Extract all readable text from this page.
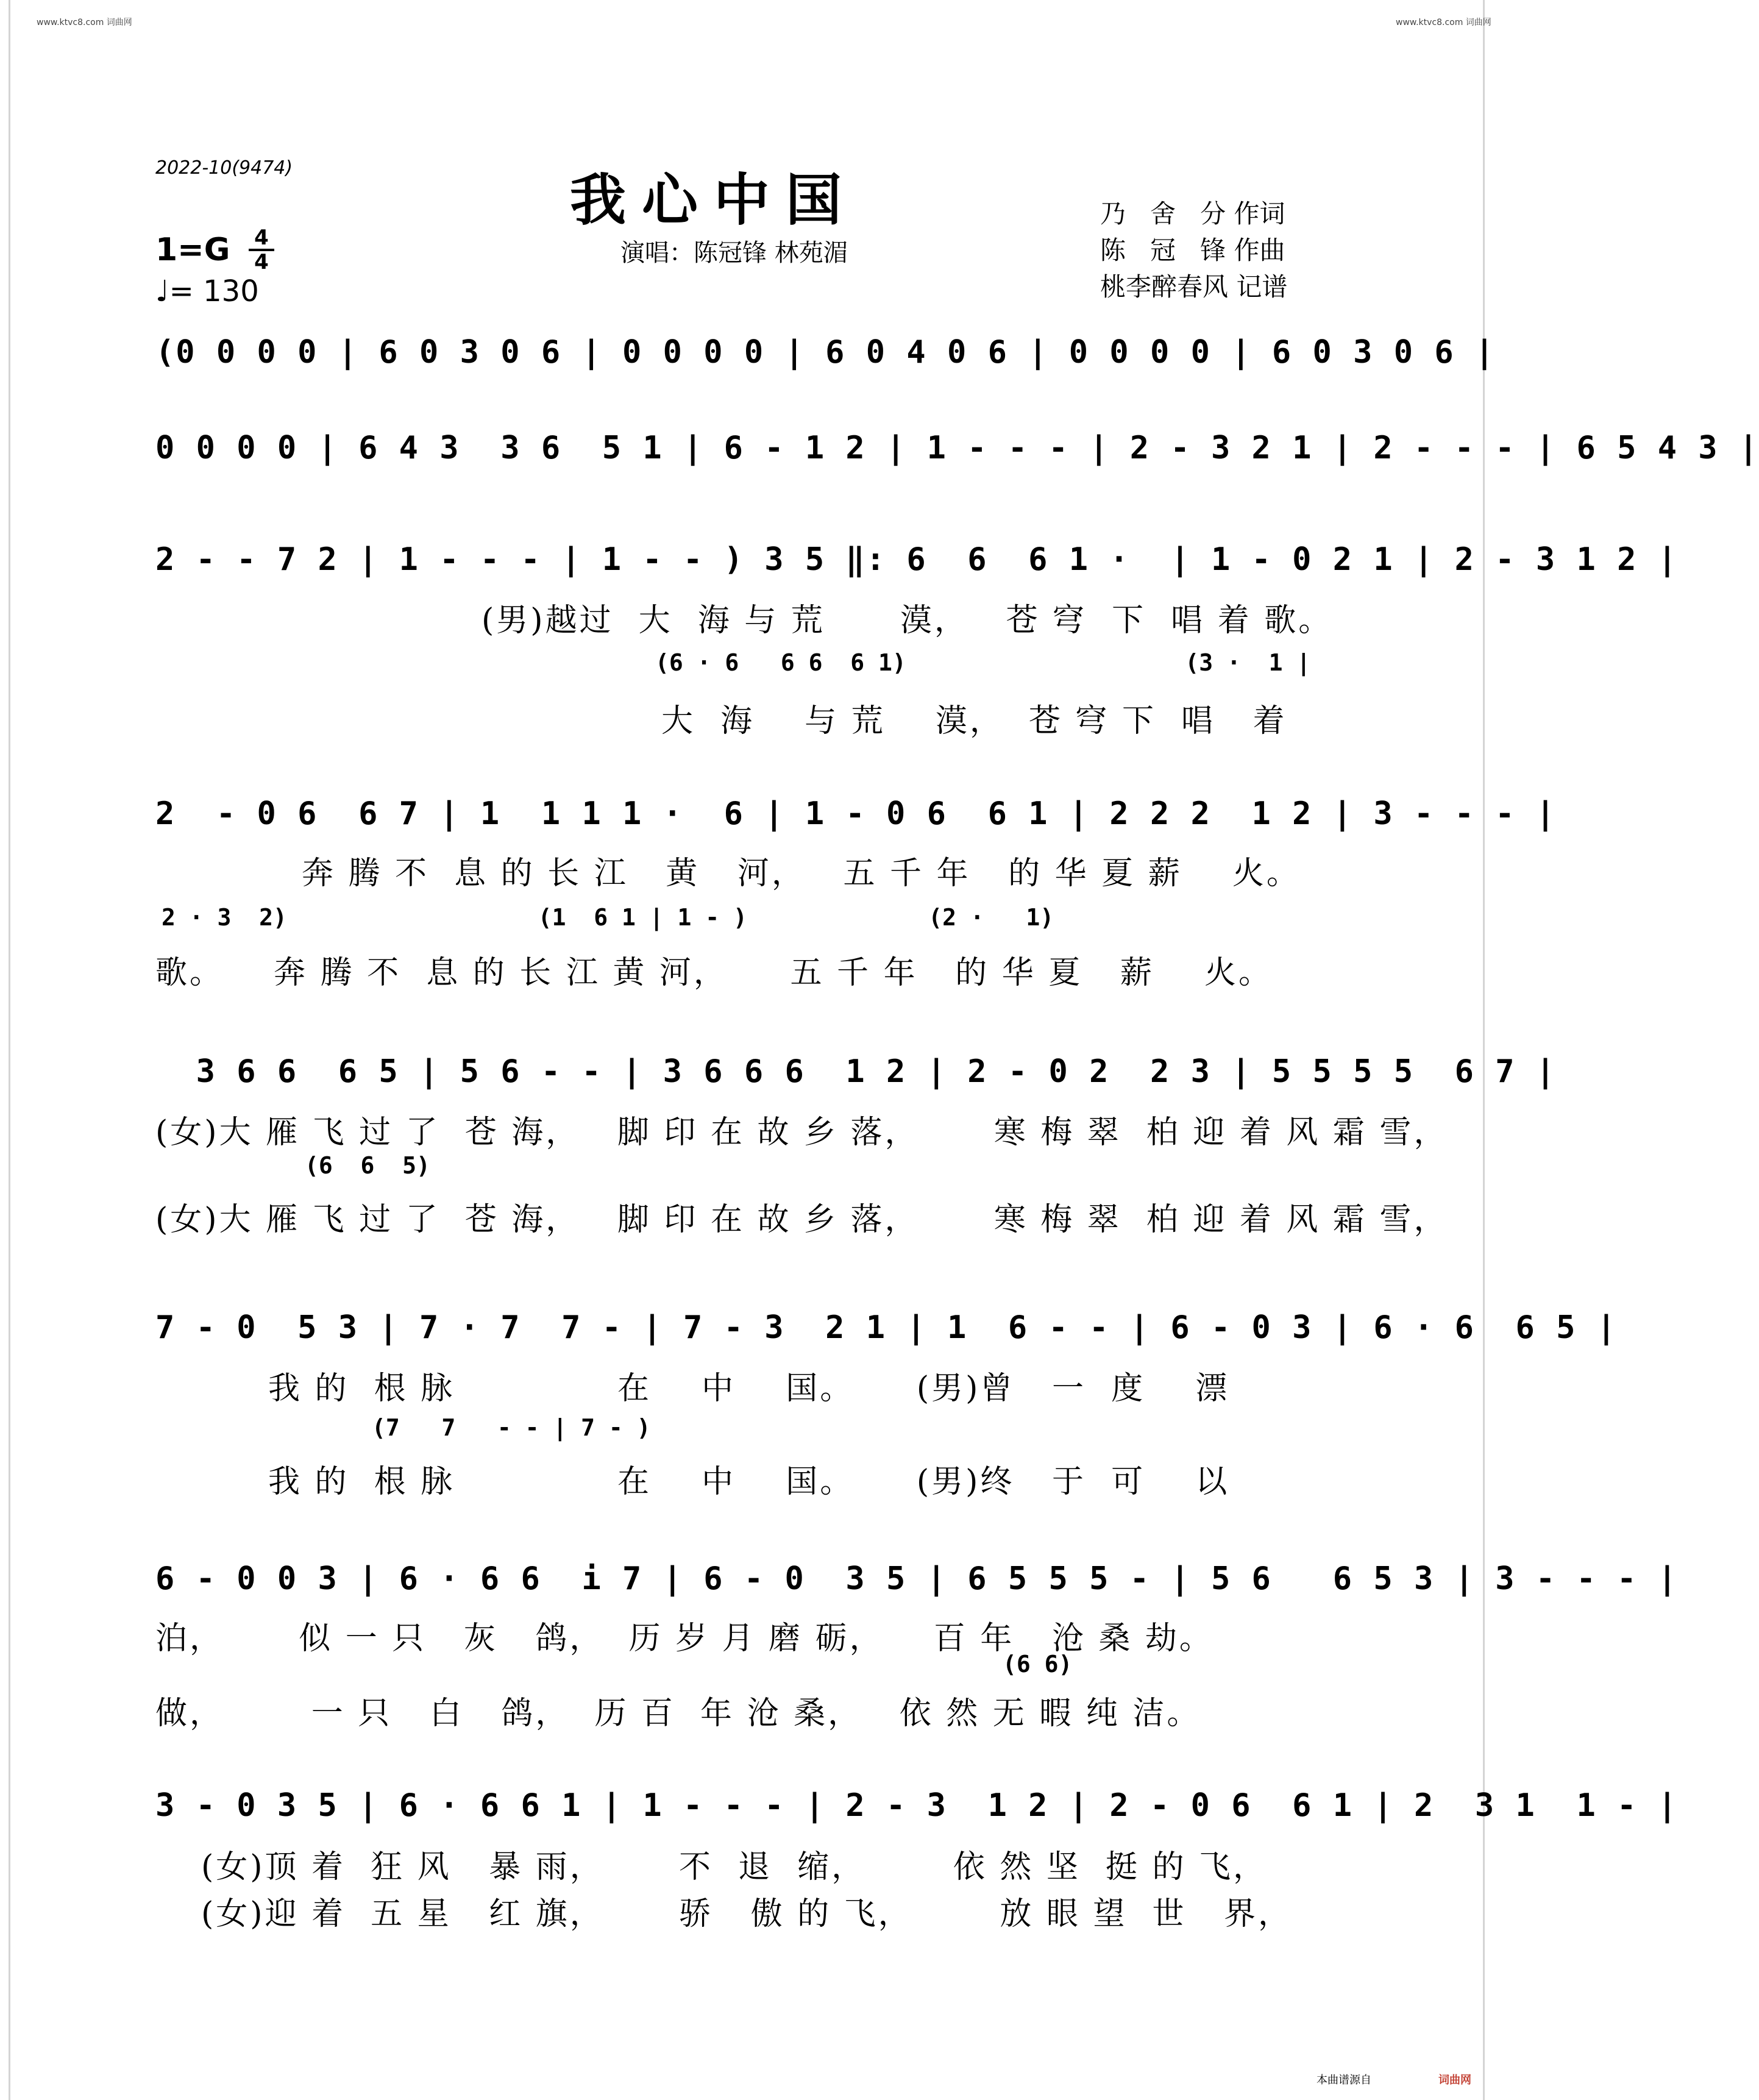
www.ktvc8.com 词曲网	www.ktvc8.com 词曲网
2022-10(9474)	我心中国
演唱：陈冠锋 林苑湄
乃   舍   分 作词
陈   冠   锋 作曲
桃李醉春风 记谱
1=G 4
4
♩= 130
(0 0 0 0 | 6 0 3 0 6 | 0 0 0 0 | 6 0 4 0 6 | 0 0 0 0 | 6 0 3 0 6 |
0 0 0 0 | 6 4 3  3 6  5 1 | 6 - 1 2 | 1 - - - | 2 - 3 2 1 | 2 - - - | 6 5 4 3 |
2 - - 7 2 | 1 - - - | 1 - - ) 3 5 ‖: 6  6  6 1 ·  | 1 - 0 2 1 | 2 - 3 1 2 |
(男)越过  大  海 与 荒      漠，   苍 穹  下  唱 着 歌。
(6 · 6   6 6  6 1)                    (3 ·  1 |
大  海    与 荒    漠，  苍 穹 下  唱   着
2  - 0 6  6 7 | 1  1 1 1 ·  6 | 1 - 0 6  6 1 | 2 2 2  1 2 | 3 - - - |
奔 腾 不  息 的 长 江   黄   河，   五 千 年   的 华 夏 薪    火。
2 · 3  2)                  (1  6 1 | 1 - )             (2 ·   1)
歌。    奔 腾 不  息 的 长 江 黄 河，     五 千 年   的 华 夏   薪    火。
3 6 6  6 5 | 5 6 - - | 3 6 6 6  1 2 | 2 - 0 2  2 3 | 5 5 5 5  6 7 |
(女)大 雁 飞 过 了  苍 海，   脚 印 在 故 乡 落，      寒 梅 翠  柏 迎 着 风 霜 雪，
(6  6  5)
(女)大 雁 飞 过 了  苍 海，   脚 印 在 故 乡 落，      寒 梅 翠  柏 迎 着 风 霜 雪，
7 - 0  5 3 | 7 · 7  7 - | 7 - 3  2 1 | 1  6 - - | 6 - 0 3 | 6 · 6  6 5 |
我 的  根 脉             在    中    国。     (男)曾   一  度    漂
(7   7   - - | 7 - )
我 的  根 脉             在    中    国。     (男)终   于  可    以
6 - 0 0 3 | 6 · 6 6  i 7 | 6 - 0  3 5 | 6 5 5 5 - | 5 6   6 5 3 | 3 - - - |
泊，      似 一 只   灰   鸽，  历 岁 月 磨 砺，    百 年   沧 桑 劫。
(6 6)
做，       一 只   白   鸽，  历 百  年 沧 桑，   依 然 无 暇 纯 洁。
3 - 0 3 5 | 6 · 6 6 1 | 1 - - - | 2 - 3  1 2 | 2 - 0 6  6 1 | 2  3 1  1 - |
(女)顶 着  狂 风   暴 雨，      不  退  缩，       依 然 坚  挺 的 飞，
(女)迎 着  五 星   红 旗，      骄   傲 的 飞，       放 眼 望  世   界，
本曲谱源自	词曲网
